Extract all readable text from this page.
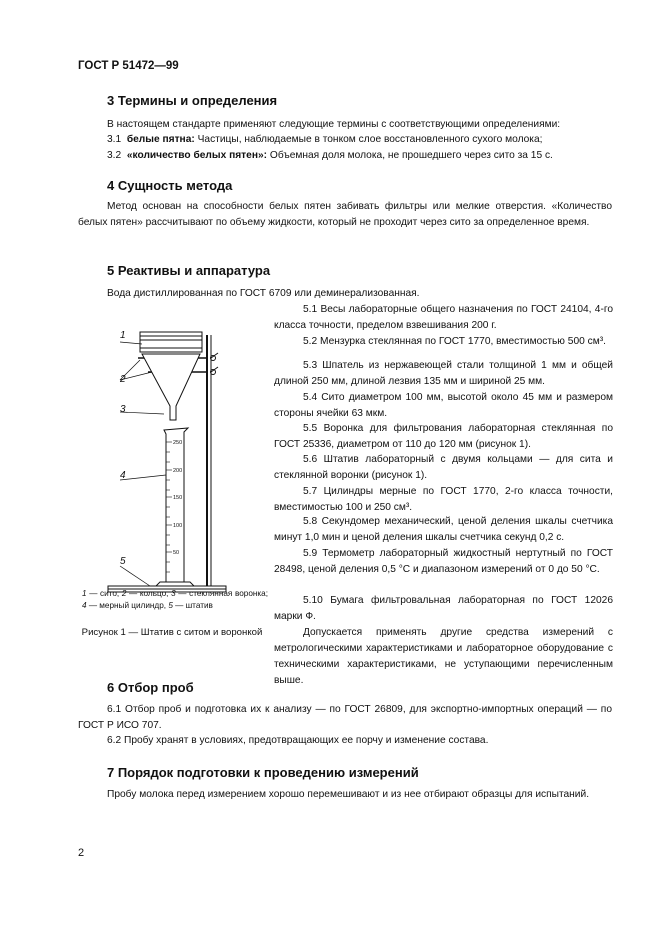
ГОСТ Р 51472—99
3 Термины и определения
В настоящем стандарте применяют следующие термины с соответствующими определениями:
3.1 белые пятна: Частицы, наблюдаемые в тонком слое восстановленного сухого молока;
3.2 «количество белых пятен»: Объемная доля молока, не прошедшего через сито за 15 с.
4 Сущность метода
Метод основан на способности белых пятен забивать фильтры или мелкие отверстия. «Количество белых пятен» рассчитывают по объему жидкости, который не проходит через сито за определенное время.
5 Реактивы и аппаратура
Вода дистиллированная по ГОСТ 6709 или деминерализованная.
5.1 Весы лабораторные общего назначения по ГОСТ 24104, 4-го класса точности, пределом взвешивания 200 г.
5.2 Мензурка стеклянная по ГОСТ 1770, вместимостью 500 см³.
5.3 Шпатель из нержавеющей стали толщиной 1 мм и общей длиной 250 мм, длиной лезвия 135 мм и шириной 25 мм.
5.4 Сито диаметром 100 мм, высотой около 45 мм и размером стороны ячейки 63 мкм.
5.5 Воронка для фильтрования лабораторная стеклянная по ГОСТ 25336, диаметром от 110 до 120 мм (рисунок 1).
5.6 Штатив лабораторный с двумя кольцами — для сита и стеклянной воронки (рисунок 1).
5.7 Цилиндры мерные по ГОСТ 1770, 2-го класса точности, вместимостью 100 и 250 см³.
5.8 Секундомер механический, ценой деления шкалы счетчика минут 1,0 мин и ценой деления шкалы счетчика секунд 0,2 с.
5.9 Термометр лабораторный жидкостный нертутный по ГОСТ 28498, ценой деления 0,5 °С и диапазоном измерений от 0 до 50 °С.
5.10 Бумага фильтровальная лабораторная по ГОСТ 12026 марки Ф.
Допускается применять другие средства измерений с метрологическими характеристиками и лабораторное оборудование с техническими характеристиками, не уступающими перечисленным выше.
1
2
3
4
5
250
200
150
100
50
1 — сито; 2 — кольцо, 3 — стеклянная воронка; 4 — мерный цилиндр, 5 — штатив
Рисунок 1 — Штатив с ситом и воронкой
6 Отбор проб
6.1 Отбор проб и подготовка их к анализу — по ГОСТ 26809, для экспортно-импортных операций — по ГОСТ Р ИСО 707.
6.2 Пробу хранят в условиях, предотвращающих ее порчу и изменение состава.
7 Порядок подготовки к проведению измерений
Пробу молока перед измерением хорошо перемешивают и из нее отбирают образцы для испытаний.
2
